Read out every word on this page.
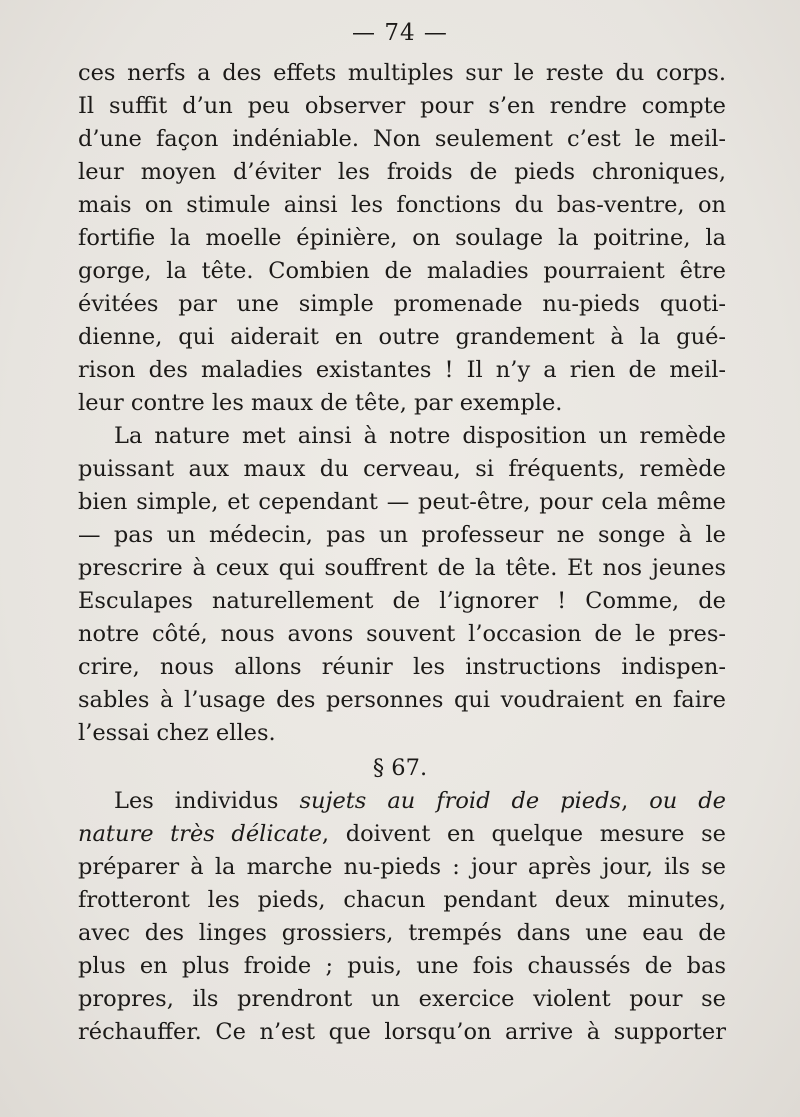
— 74 —
ces nerfs a des effets multiples sur le reste du corps.
Il suffit d’un peu observer pour s’en rendre compte
d’une façon indéniable. Non seulement c’est le meil-
leur moyen d’éviter les froids de pieds chroniques,
mais on stimule ainsi les fonctions du bas-ventre, on
fortifie la moelle épinière, on soulage la poitrine, la
gorge, la tête. Combien de maladies pourraient être
évitées par une simple promenade nu-pieds quoti-
dienne, qui aiderait en outre grandement à la gué-
rison des maladies existantes ! Il n’y a rien de meil-
leur contre les maux de tête, par exemple.
La nature met ainsi à notre disposition un remède
puissant aux maux du cerveau, si fréquents, remède
bien simple, et cependant — peut-être, pour cela même
— pas un médecin, pas un professeur ne songe à le
prescrire à ceux qui souffrent de la tête. Et nos jeunes
Esculapes naturellement de l’ignorer ! Comme, de
notre côté, nous avons souvent l’occasion de le pres-
crire, nous allons réunir les instructions indispen-
sables à l’usage des personnes qui voudraient en faire
l’essai chez elles.
§ 67.
Les individus sujets au froid de pieds, ou de
nature très délicate, doivent en quelque mesure se
préparer à la marche nu-pieds : jour après jour, ils se
frotteront les pieds, chacun pendant deux minutes,
avec des linges grossiers, trempés dans une eau de
plus en plus froide ; puis, une fois chaussés de bas
propres, ils prendront un exercice violent pour se
réchauffer. Ce n’est que lorsqu’on arrive à supporter
